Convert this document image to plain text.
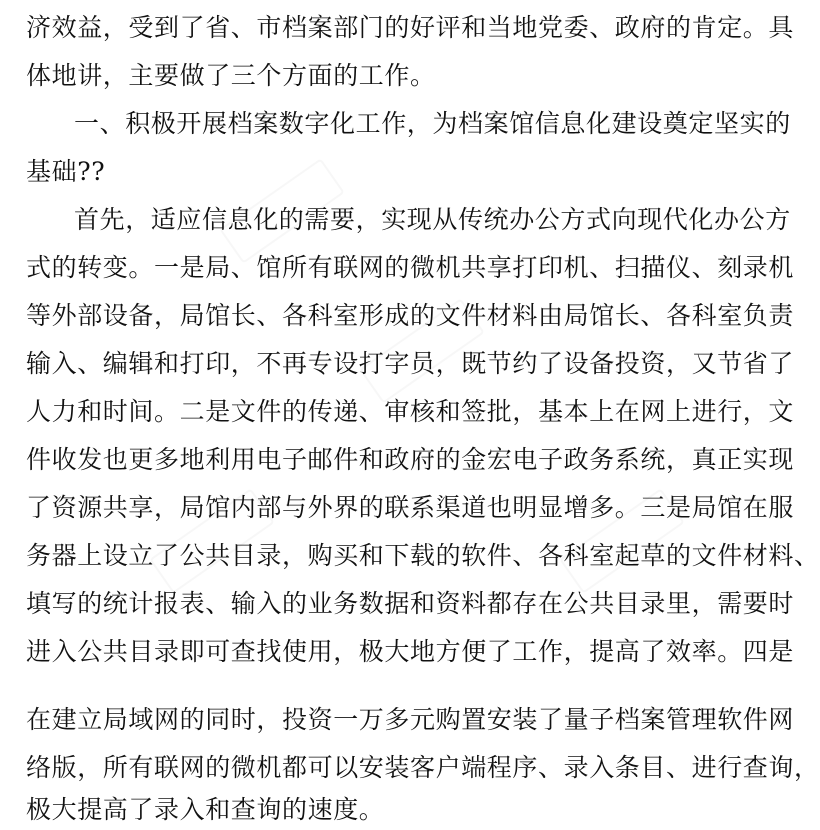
济效益，受到了省、市档案部门的好评和当地党委、政府的肯定。具
体地讲，主要做了三个方面的工作。
一、积极开展档案数字化工作，为档案馆信息化建设奠定坚实的
基础??
首先，适应信息化的需要，实现从传统办公方式向现代化办公方
式的转变。一是局、馆所有联网的微机共享打印机、扫描仪、刻录机
等外部设备，局馆长、各科室形成的文件材料由局馆长、各科室负责
输入、编辑和打印，不再专设打字员，既节约了设备投资，又节省了
人力和时间。二是文件的传递、审核和签批，基本上在网上进行，文
件收发也更多地利用电子邮件和政府的金宏电子政务系统，真正实现
了资源共享，局馆内部与外界的联系渠道也明显增多。三是局馆在服
务器上设立了公共目录，购买和下载的软件、各科室起草的文件材料、
填写的统计报表、输入的业务数据和资料都存在公共目录里，需要时
进入公共目录即可查找使用，极大地方便了工作，提高了效率。四是
在建立局域网的同时，投资一万多元购置安装了量子档案管理软件网
络版，所有联网的微机都可以安装客户端程序、录入条目、进行查询，
极大提高了录入和查询的速度。
